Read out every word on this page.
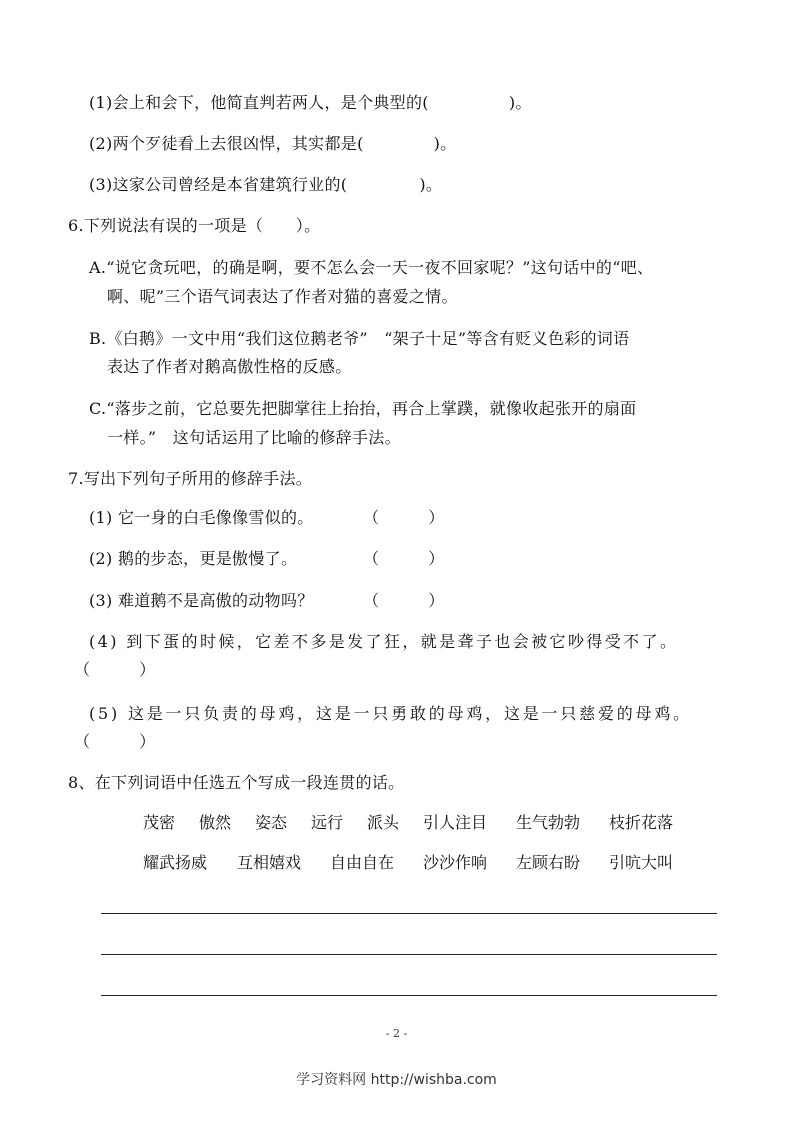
(1)会上和会下，他简直判若两人，是个典型的(	)。
(2)两个歹徒看上去很凶悍，其实都是(	)。
(3)这家公司曾经是本省建筑行业的(	)。
6.下列说法有误的一项是（　　）。
A.“说它贪玩吧，的确是啊，要不怎么会一天一夜不回家呢？”这句话中的“吧、
啊、呢”三个语气词表达了作者对猫的喜爱之情。
B.《白鹅》一文中用“我们这位鹅老爷”　“架子十足”等含有贬义色彩的词语
表达了作者对鹅高傲性格的反感。
C.“落步之前，它总要先把脚掌往上抬抬，再合上掌蹼，就像收起张开的扇面
一样。”　这句话运用了比喻的修辞手法。
7.写出下列句子所用的修辞手法。
(1) 它一身的白毛像像雪似的。	（　　　）
(2) 鹅的步态，更是傲慢了。	（　　　）
(3) 难道鹅不是高傲的动物吗？	（　　　）
(4) 到下蛋的时候，它差不多是发了狂，就是聋子也会被它吵得受不了。
（　　　）
(5) 这是一只负责的母鸡，这是一只勇敢的母鸡，这是一只慈爱的母鸡。
（　　　）
8、在下列词语中任选五个写成一段连贯的话。
茂密 傲然 姿态 远行 派头 引人注目 生气勃勃 枝折花落
耀武扬威 互相嬉戏 自由自在 沙沙作响 左顾右盼 引吭大叫
- 2 -
学习资料网 http://wishba.com
